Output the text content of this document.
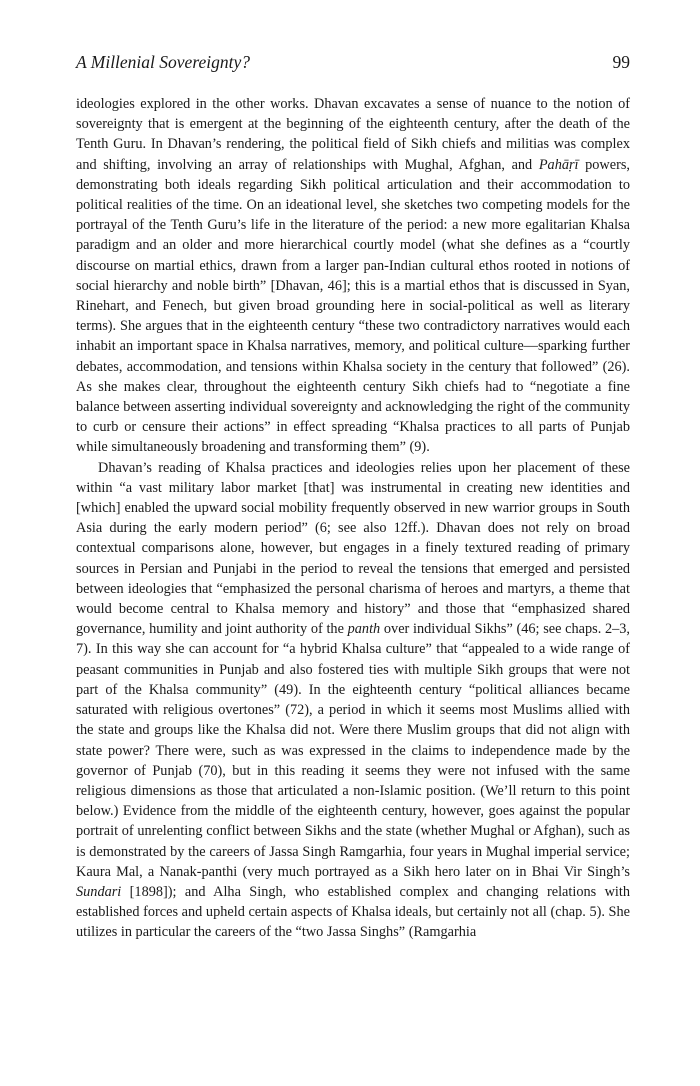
A Millenial Sovereignty?	99

ideologies explored in the other works. Dhavan excavates a sense of nuance to the notion of sovereignty that is emergent at the beginning of the eighteenth century, after the death of the Tenth Guru. In Dhavan’s rendering, the political field of Sikh chiefs and militias was complex and shifting, involving an array of relationships with Mughal, Afghan, and Pahāṛī powers, demonstrating both ideals regarding Sikh political articulation and their accommodation to political realities of the time. On an ideational level, she sketches two competing models for the portrayal of the Tenth Guru’s life in the literature of the period: a new more egalitarian Khalsa paradigm and an older and more hierarchical courtly model (what she defines as a “courtly discourse on martial ethics, drawn from a larger pan-Indian cultural ethos rooted in notions of social hierarchy and noble birth” [Dhavan, 46]; this is a martial ethos that is discussed in Syan, Rinehart, and Fenech, but given broad grounding here in social-political as well as literary terms). She argues that in the eighteenth century “these two contradictory narratives would each inhabit an important space in Khalsa narratives, memory, and political culture—sparking further debates, accommodation, and tensions within Khalsa society in the century that followed” (26). As she makes clear, throughout the eighteenth century Sikh chiefs had to “negotiate a fine balance between asserting individual sovereignty and acknowledging the right of the community to curb or censure their actions” in effect spreading “Khalsa practices to all parts of Punjab while simultaneously broadening and transforming them” (9).

Dhavan’s reading of Khalsa practices and ideologies relies upon her placement of these within “a vast military labor market [that] was instrumental in creating new identities and [which] enabled the upward social mobility frequently observed in new warrior groups in South Asia during the early modern period” (6; see also 12ff.). Dhavan does not rely on broad contextual comparisons alone, however, but engages in a finely textured reading of primary sources in Persian and Punjabi in the period to reveal the tensions that emerged and persisted between ideologies that “emphasized the personal charisma of heroes and martyrs, a theme that would become central to Khalsa memory and history” and those that “emphasized shared governance, humility and joint authority of the panth over individual Sikhs” (46; see chaps. 2–3, 7). In this way she can account for “a hybrid Khalsa culture” that “appealed to a wide range of peasant communities in Punjab and also fostered ties with multiple Sikh groups that were not part of the Khalsa community” (49). In the eighteenth century “political alliances became saturated with religious overtones” (72), a period in which it seems most Muslims allied with the state and groups like the Khalsa did not. Were there Muslim groups that did not align with state power? There were, such as was expressed in the claims to independence made by the governor of Punjab (70), but in this reading it seems they were not infused with the same religious dimensions as those that articulated a non-Islamic position. (We’ll return to this point below.) Evidence from the middle of the eighteenth century, however, goes against the popular portrait of unrelenting conflict between Sikhs and the state (whether Mughal or Afghan), such as is demonstrated by the careers of Jassa Singh Ramgarhia, four years in Mughal imperial service; Kaura Mal, a Nanak-panthi (very much portrayed as a Sikh hero later on in Bhai Vir Singh’s Sundari [1898]); and Alha Singh, who established complex and changing relations with established forces and upheld certain aspects of Khalsa ideals, but certainly not all (chap. 5). She utilizes in particular the careers of the “two Jassa Singhs” (Ramgarhia
